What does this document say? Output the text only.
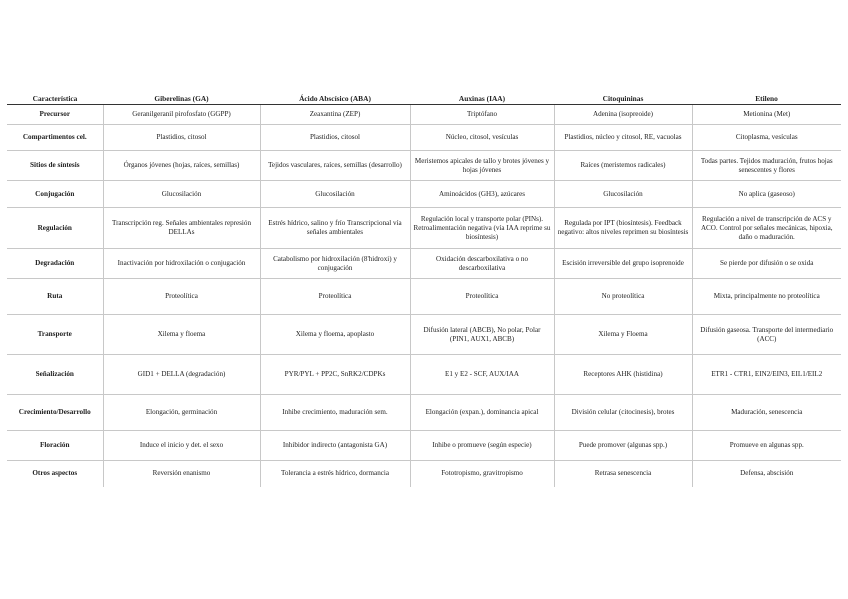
Característica	Giberelinas (GA)	Ácido Abscísico (ABA)	Auxinas (IAA)	Citoquininas	Etileno
Precursor	Geranilgeranil pirofosfato (GGPP)	Zeaxantina (ZEP)	Triptófano	Adenina (isopreoide)	Metionina (Met)
Compartimentos cel.	Plastidios, citosol	Plastidios, citosol	Núcleo, citosol, vesículas	Plastidios, núcleo y citosol, RE, vacuolas	Citoplasma, vesículas
Sitios de síntesis	Órganos jóvenes (hojas, raíces, semillas)	Tejidos vasculares, raíces, semillas (desarrollo)	Meristemos apicales de tallo y brotes jóvenes y hojas jóvenes	Raíces (meristemos radicales)	Todas partes. Tejidos maduración, frutos hojas senescentes y flores
Conjugación	Glucosilación	Glucosilación	Aminoácidos (GH3), azúcares	Glucosilación	No aplica (gaseoso)
Regulación	Transcripción reg. Señales ambientales represión DELLAs	Estrés hídrico, salino y frío Transcripcional vía señales ambientales	Regulación local y transporte polar (PINs). Retroalimentación negativa (vía IAA reprime su biosíntesis)	Regulada por IPT (biosíntesis). Feedback negativo: altos niveles reprimen su biosíntesis	Regulación a nivel de transcripción de ACS y ACO. Control por señales mecánicas, hipoxia, daño o maduración.
Degradación	Inactivación por hidroxilación o conjugación	Catabolismo por hidroxilación (8'hidroxi) y conjugación	Oxidación descarboxilativa o no descarboxilativa	Escisión irreversible del grupo isoprenoide	Se pierde por difusión o se oxida
Ruta	Proteolítica	Proteolítica	Proteolítica	No proteolítica	Mixta, principalmente no proteolítica
Transporte	Xilema y floema	Xilema y floema, apoplasto	Difusión lateral (ABCB), No polar, Polar (PIN1, AUX1, ABCB)	Xilema y Floema	Difusión gaseosa. Transporte del intermediario (ACC)
Señalización	GID1 + DELLA (degradación)	PYR/PYL + PP2C, SnRK2/CDPKs	E1 y E2 - SCF, AUX/IAA	Receptores AHK (histidina)	ETR1 - CTR1, EIN2/EIN3, EIL1/EIL2
Crecimiento/Desarrollo	Elongación, germinación	Inhibe crecimiento, maduración sem.	Elongación (expan.), dominancia apical	División celular (citocinesis), brotes	Maduración, senescencia
Floración	Induce el inicio y det. el sexo	Inhibidor indirecto (antagonista GA)	Inhibe o promueve (según especie)	Puede promover (algunas spp.)	Promueve en algunas spp.
Otros aspectos	Reversión enanismo	Tolerancia a estrés hídrico, dormancia	Fototropismo, gravitropismo	Retrasa senescencia	Defensa, abscisión
